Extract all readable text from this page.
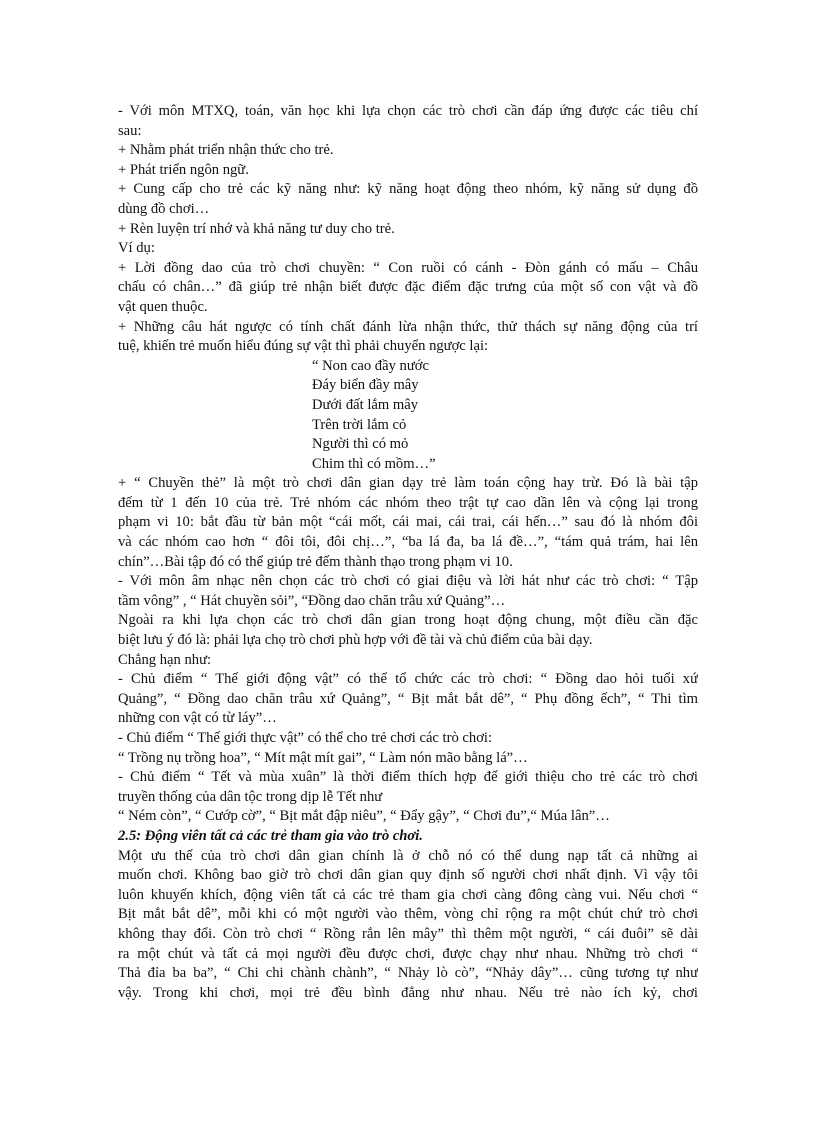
- Với môn MTXQ, toán, văn học khi lựa chọn các trò chơi cần đáp ứng được các tiêu chí
sau:
+ Nhằm phát triển nhận thức cho trẻ.
+ Phát triển ngôn ngữ.
+ Cung cấp cho trẻ các kỹ năng như: kỹ năng hoạt động theo nhóm, kỹ năng sử dụng đồ
dùng đồ chơi…
+ Rèn luyện trí nhớ và khả năng tư duy cho trẻ.
Ví dụ:
+ Lời đồng dao của trò chơi chuyền: “ Con ruồi có cánh - Đòn gánh có mấu – Châu
chấu có chân…” đã giúp trẻ nhận biết được đặc điểm đặc trưng của một số con vật và đồ
vật quen thuộc.
+ Những câu hát ngược có tính chất đánh lừa nhận thức, thử thách sự năng động của trí
tuệ, khiến trẻ muốn hiểu đúng sự vật thì phải chuyển ngược lại:
“ Non cao đầy nước
Đáy biển đầy mây
Dưới đất lắm mây
Trên trời lắm cỏ
Người thì có mỏ
Chim thì có mồm…”
+ “ Chuyền thẻ” là một trò chơi dân gian dạy trẻ làm toán cộng hay trừ. Đó là bài tập
đếm từ 1 đến 10 của trẻ. Trẻ nhóm các nhóm theo trật tự cao dần lên và cộng lại trong
phạm vi 10: bắt đầu từ bản một “cái mốt, cái mai, cái trai, cái hến…” sau đó là nhóm đôi
và các nhóm cao hơn “ đôi tôi, đôi chị…”, “ba lá đa, ba lá đề…”, “tám quả trám, hai lên
chín”…Bài tập đó có thể giúp trẻ đếm thành thạo trong phạm vi 10.
- Với môn âm nhạc nên chọn các trò chơi có giai điệu và lời hát như các trò chơi: “ Tập
tầm vông” , “ Hát chuyền sỏi”, “Đồng dao chăn trâu xứ Quảng”…
Ngoài ra khi lựa chọn các trò chơi dân gian trong hoạt động chung, một điều cần đặc
biệt lưu ý đó là: phải lựa chọ trò chơi phù hợp với đề tài và chủ điểm của bài dạy.
Chẳng hạn như:
- Chủ điểm “ Thế giới động vật” có thể tổ chức các trò chơi: “ Đồng dao hỏi tuổi xứ
Quảng”, “ Đồng dao chăn trâu xứ Quảng”, “ Bịt mắt bắt dê”, “ Phụ đồng ếch”, “ Thi tìm
những con vật có từ láy”…
- Chủ điểm “ Thế giới thực vật” có thể cho trẻ chơi các trò chơi:
“ Trồng nụ trồng hoa”, “ Mít mật mít gai”, “ Làm nón mão bằng lá”…
- Chủ điểm “ Tết và mùa xuân” là thời điểm thích hợp để giới thiệu cho trẻ các trò chơi
truyền thống của dân tộc trong dịp lễ Tết như
“ Ném còn”, “ Cướp cờ”, “ Bịt mắt đập niêu”, “ Đẩy gậy”, “ Chơi đu”,“ Múa lân”…
2.5: Động viên tất cả các trẻ tham gia vào trò chơi.
Một ưu thế của trò chơi dân gian chính là ở chỗ nó có thể dung nạp tất cả những ai
muốn chơi. Không bao giờ trò chơi dân gian quy định số người chơi nhất định. Vì vậy tôi
luôn khuyến khích, động viên tất cả các trẻ tham gia chơi càng đông càng vui. Nếu chơi “
Bịt mắt bắt dê”, mỗi khi có một người vào thêm, vòng chỉ rộng ra một chút chứ trò chơi
không thay đổi. Còn trò chơi “ Rồng rắn lên mây” thì thêm một người, “ cái đuôi” sẽ dài
ra một chút và tất cả mọi người đều được chơi, được chạy như nhau. Những trò chơi “
Thả đỉa ba ba”, “ Chi chi chành chành”, “ Nhảy lò cò”, “Nhảy dây”… cũng tương tự như
vậy. Trong khi chơi, mọi trẻ đều bình đẳng như nhau. Nếu trẻ nào ích kỷ, chơi
